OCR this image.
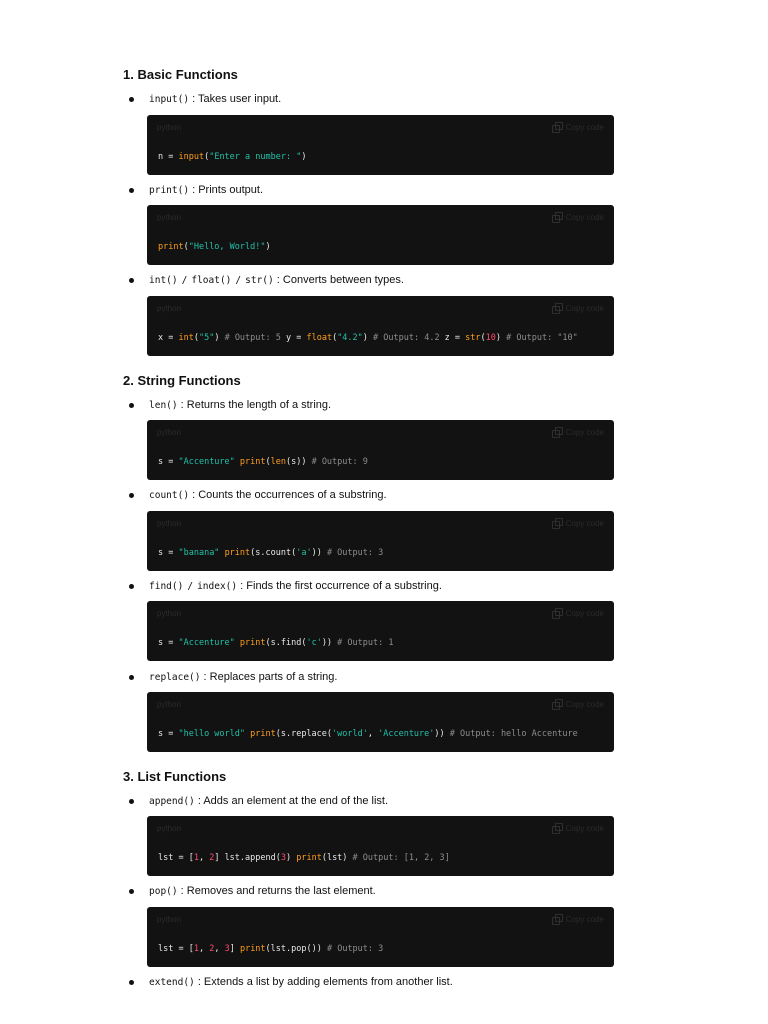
1. Basic Functions
input() : Takes user input.
python	Copy code
n = input("Enter a number: ")
print() : Prints output.
python	Copy code
print("Hello, World!")
int() / float() / str() : Converts between types.
python	Copy code
x = int("5") # Output: 5 y = float("4.2") # Output: 4.2 z = str(10) # Output: "10"
2. String Functions
len() : Returns the length of a string.
python	Copy code
s = "Accenture" print(len(s)) # Output: 9
count() : Counts the occurrences of a substring.
python	Copy code
s = "banana" print(s.count('a')) # Output: 3
find() / index() : Finds the first occurrence of a substring.
python	Copy code
s = "Accenture" print(s.find('c')) # Output: 1
replace() : Replaces parts of a string.
python	Copy code
s = "hello world" print(s.replace('world', 'Accenture')) # Output: hello Accenture
3. List Functions
append() : Adds an element at the end of the list.
python	Copy code
lst = [1, 2] lst.append(3) print(lst) # Output: [1, 2, 3]
pop() : Removes and returns the last element.
python	Copy code
lst = [1, 2, 3] print(lst.pop()) # Output: 3
extend() : Extends a list by adding elements from another list.
